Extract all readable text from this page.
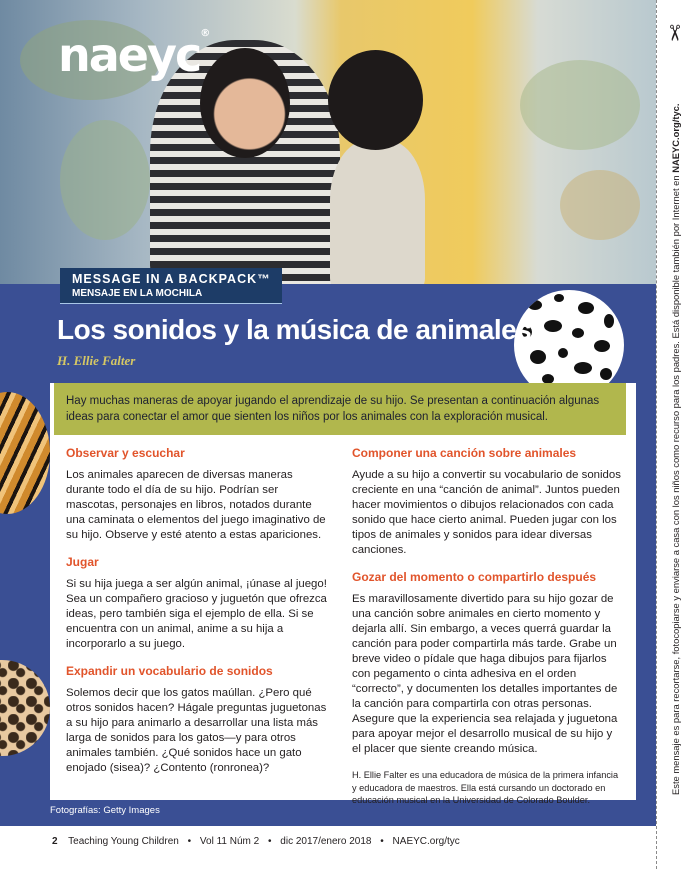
naeyc®
MESSAGE IN A BACKPACK™
MENSAJE EN LA MOCHILA
Los sonidos y la música de animales
H. Ellie Falter

Hay muchas maneras de apoyar jugando el aprendizaje de su hijo. Se presentan a continuación algunas ideas para conectar el amor que sienten los niños por los animales con la exploración musical.

Observar y escuchar

Los animales aparecen de diversas maneras durante todo el día de su hijo. Podrían ser mascotas, personajes en libros, notados durante una caminata o elementos del juego imaginativo de su hijo. Observe y esté atento a estas apariciones.

Jugar

Si su hija juega a ser algún animal, ¡únase al juego! Sea un compañero gracioso y juguetón que ofrezca ideas, pero también siga el ejemplo de ella. Si se encuentra con un animal, anime a su hija a incorporarlo a su juego.

Expandir un vocabulario de sonidos

Solemos decir que los gatos maúllan. ¿Pero qué otros sonidos hacen? Hágale preguntas juguetonas a su hijo para animarlo a desarrollar una lista más larga de sonidos para los gatos—y para otros animales también. ¿Qué sonidos hace un gato enojado (sisea)? ¿Contento (ronronea)?

Componer una canción sobre animales

Ayude a su hijo a convertir su vocabulario de sonidos creciente en una “canción de animal”. Juntos pueden hacer movimientos o dibujos relacionados con cada sonido que hace cierto animal. Pueden jugar con los tipos de animales y sonidos para idear diversas canciones.

Gozar del momento o compartirlo después

Es maravillosamente divertido para su hijo gozar de una canción sobre animales en cierto momento y dejarla allí. Sin embargo, a veces querrá guardar la canción para poder compartirla más tarde. Grabe un breve video o pídale que haga dibujos para fijarlos con pegamento o cinta adhesiva en el orden “correcto”, y documenten los detalles importantes de la canción para compartirla con otras personas. Asegure que la experiencia sea relajada y juguetona para apoyar mejor el desarrollo musical de su hijo y el placer que siente creando música.

H. Ellie Falter es una educadora de música de la primera infancia y educadora de maestros. Ella está cursando un doctorado en educación musical en la Universidad de Colorado Boulder.

Fotografías: Getty Images
2 Teaching Young Children • Vol 11 Núm 2 • dic 2017/enero 2018 • NAEYC.org/tyc
✂
Este mensaje es para recortarse, fotocopiarse y enviarse a casa con los niños como recurso para los padres. Está disponible también por Internet en NAEYC.org/tyc.
